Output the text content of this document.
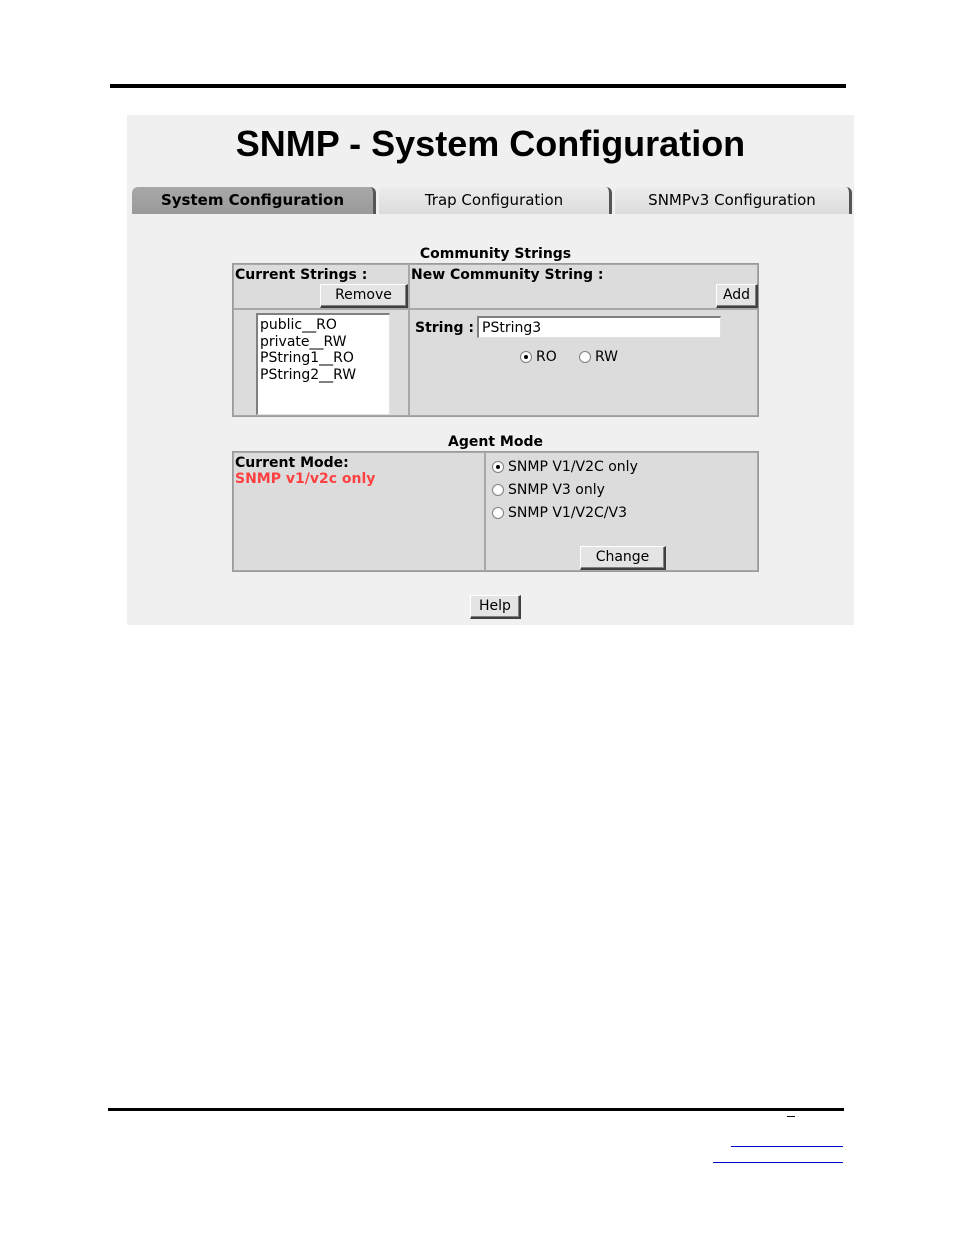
SNMP - System Configuration
System Configuration	Trap Configuration	SNMPv3 Configuration
Community Strings
Current Strings :
Remove
New Community String :
Add
public__RO
private__RW
PString1__RO
PString2__RW
String : PString3
RO	RW
Agent Mode
Current Mode:
SNMP v1/v2c only
SNMP V1/V2C only
SNMP V3 only
SNMP V1/V2C/V3
Change
Help
